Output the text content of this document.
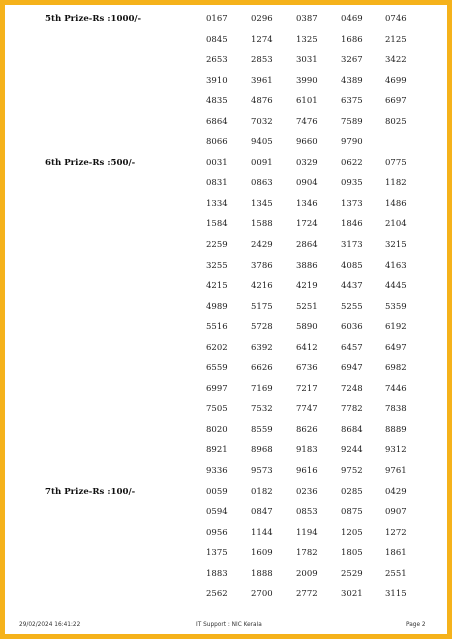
5th Prize-Rs :1000/-	0167	0296	0387	0469	0746
0845	1274	1325	1686	2125
2653	2853	3031	3267	3422
3910	3961	3990	4389	4699
4835	4876	6101	6375	6697
6864	7032	7476	7589	8025
8066	9405	9660	9790
6th Prize-Rs :500/-	0031	0091	0329	0622	0775
0831	0863	0904	0935	1182
1334	1345	1346	1373	1486
1584	1588	1724	1846	2104
2259	2429	2864	3173	3215
3255	3786	3886	4085	4163
4215	4216	4219	4437	4445
4989	5175	5251	5255	5359
5516	5728	5890	6036	6192
6202	6392	6412	6457	6497
6559	6626	6736	6947	6982
6997	7169	7217	7248	7446
7505	7532	7747	7782	7838
8020	8559	8626	8684	8889
8921	8968	9183	9244	9312
9336	9573	9616	9752	9761
7th Prize-Rs :100/-	0059	0182	0236	0285	0429
0594	0847	0853	0875	0907
0956	1144	1194	1205	1272
1375	1609	1782	1805	1861
1883	1888	2009	2529	2551
2562	2700	2772	3021	3115
29/02/2024 16:41:22	IT Support : NIC Kerala	Page 2
